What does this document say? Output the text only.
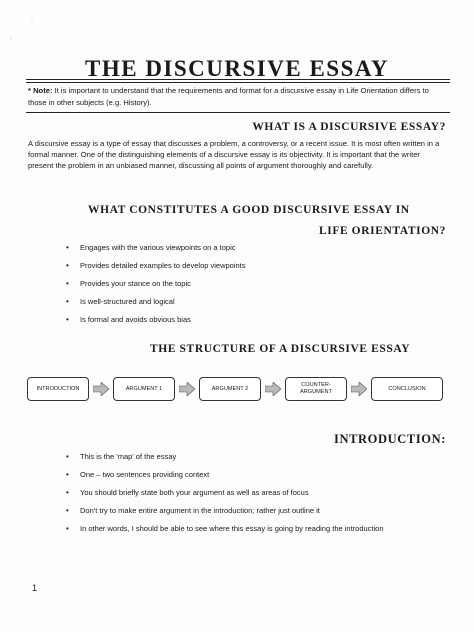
·
·
THE DISCURSIVE ESSAY
* Note: It is important to understand that the requirements and format for a discursive essay in Life Orientation differs to those in other subjects (e.g. History).
WHAT IS A DISCURSIVE ESSAY?
A discursive essay is a type of essay that discusses a problem, a controversy, or a recent issue. It is most often written in a formal manner. One of the distinguishing elements of a discursive essay is its objectivity. It is important that the writer present the problem in an unbiased manner, discussing all points of argument thoroughly and carefully.
WHAT CONSTITUTES A GOOD DISCURSIVE ESSAY IN
LIFE ORIENTATION?
• Engages with the various viewpoints on a topic
• Provides detailed examples to develop viewpoints
• Provides your stance on the topic
• Is well-structured and logical
• Is formal and avoids obvious bias
THE STRUCTURE OF A DISCURSIVE ESSAY
INTRODUCTION	ARGUMENT 1	ARGUMENT 2
COUNTER-ARGUMENT
CONCLUSION
INTRODUCTION:
• This is the 'map' of the essay
• One – two sentences providing context
• You should briefly state both your argument as well as areas of focus
• Don't try to make entire argument in the introduction; rather just outline it
• In other words, I should be able to see where this essay is going by reading the introduction
1
